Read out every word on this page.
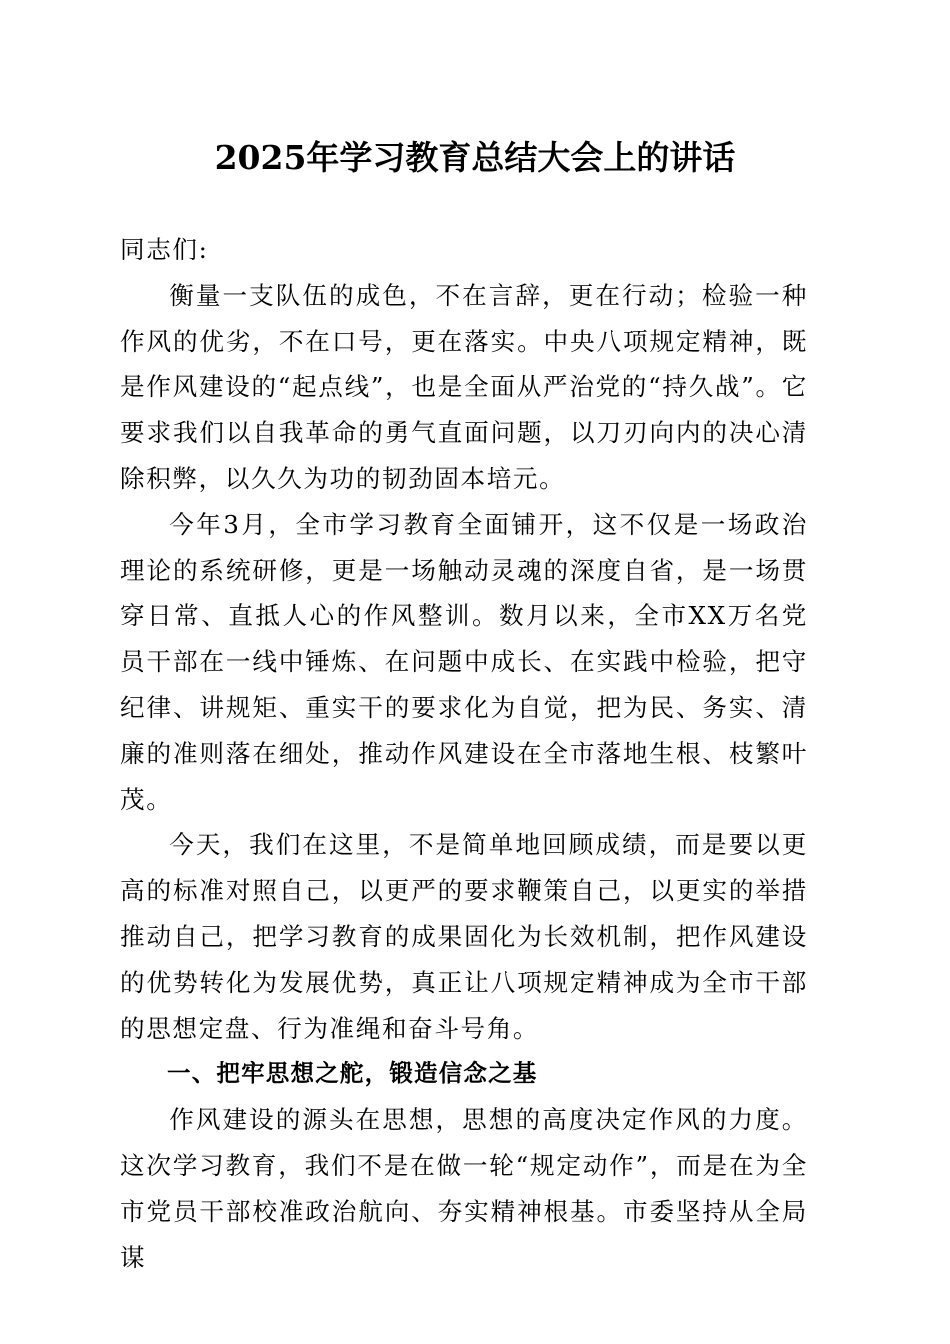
2025年学习教育总结大会上的讲话

同志们:

衡量一支队伍的成色，不在言辞，更在行动；检验一种作风的优劣，不在口号，更在落实。中央八项规定精神，既是作风建设的“起点线”，也是全面从严治党的“持久战”。它要求我们以自我革命的勇气直面问题，以刀刃向内的决心清除积弊，以久久为功的韧劲固本培元。

今年3月，全市学习教育全面铺开，这不仅是一场政治理论的系统研修，更是一场触动灵魂的深度自省，是一场贯穿日常、直抵人心的作风整训。数月以来，全市XX万名党员干部在一线中锤炼、在问题中成长、在实践中检验，把守纪律、讲规矩、重实干的要求化为自觉，把为民、务实、清廉的准则落在细处，推动作风建设在全市落地生根、枝繁叶茂。

今天，我们在这里，不是简单地回顾成绩，而是要以更高的标准对照自己，以更严的要求鞭策自己，以更实的举措推动自己，把学习教育的成果固化为长效机制，把作风建设的优势转化为发展优势，真正让八项规定精神成为全市干部的思想定盘、行为准绳和奋斗号角。

一、把牢思想之舵，锻造信念之基

作风建设的源头在思想，思想的高度决定作风的力度。这次学习教育，我们不是在做一轮“规定动作”，而是在为全市党员干部校准政治航向、夯实精神根基。市委坚持从全局谋
